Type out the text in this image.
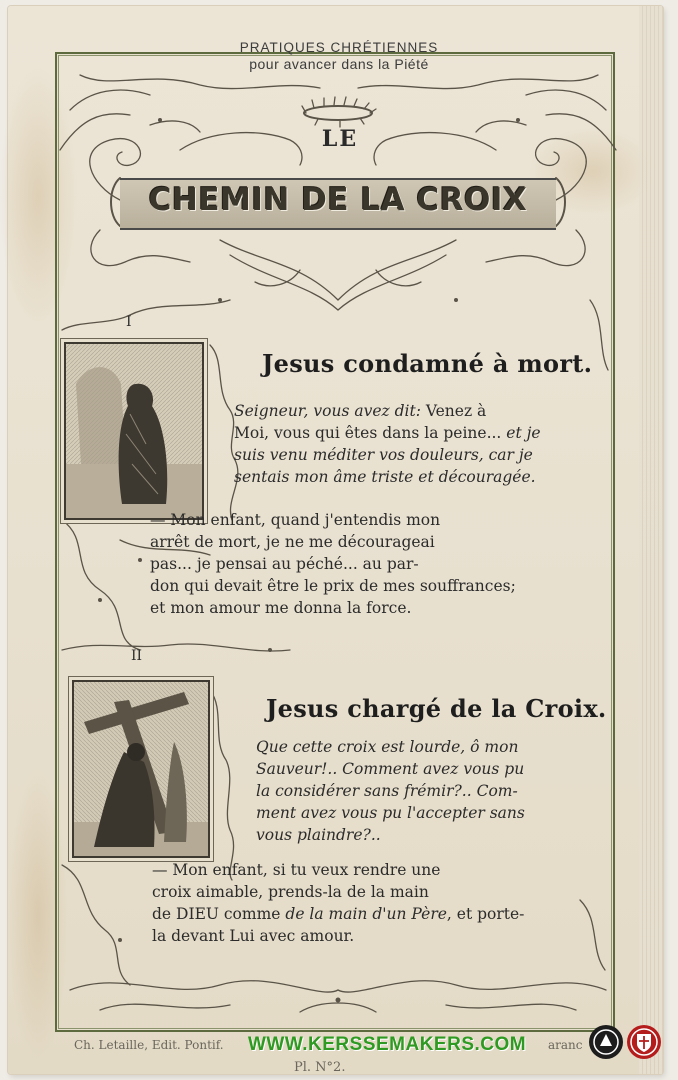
PRATIQUES CHRÉTIENNES
pour avancer dans la Piété
LE
CHEMIN DE LA CROIX
I
Jesus condamné à mort.
Seigneur, vous avez dit: Venez à
Moi, vous qui êtes dans la peine... et je
suis venu méditer vos douleurs, car je
sentais mon âme triste et découragée.
— Mon enfant, quand j'entendis mon
arrêt de mort, je ne me décourageai
pas... je pensai au péché... au par-
don qui devait être le prix de mes souffrances;
et mon amour me donna la force.
II
Jesus chargé de la Croix.
Que cette croix est lourde, ô mon
Sauveur!.. Comment avez vous pu
la considérer sans frémir?.. Com-
ment avez vous pu l'accepter sans
vous plaindre?..
— Mon enfant, si tu veux rendre une
croix aimable, prends-la de la main
de DIEU comme de la main d'un Père, et porte-
la devant Lui avec amour.
Ch. Letaille, Edit. Pontif.
Pl. N°2.
aranc
WWW.KERSSEMAKERS.COM
